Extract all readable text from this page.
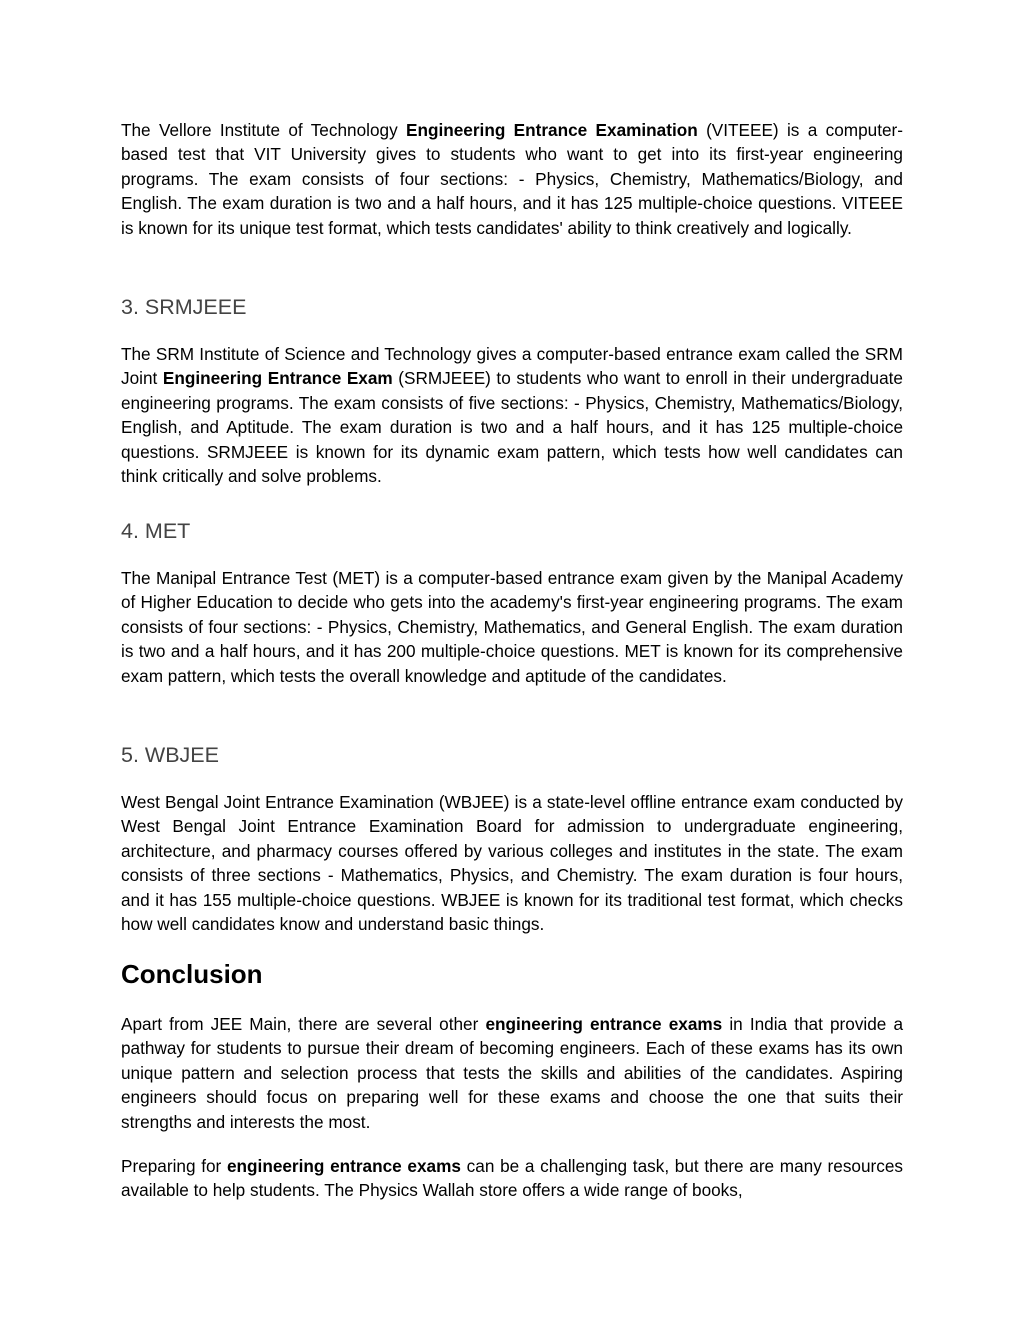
The Vellore Institute of Technology Engineering Entrance Examination (VITEEE) is a computer-based test that VIT University gives to students who want to get into its first-year engineering programs. The exam consists of four sections: - Physics, Chemistry, Mathematics/Biology, and English. The exam duration is two and a half hours, and it has 125 multiple-choice questions. VITEEE is known for its unique test format, which tests candidates' ability to think creatively and logically.

3. SRMJEEE

The SRM Institute of Science and Technology gives a computer-based entrance exam called the SRM Joint Engineering Entrance Exam (SRMJEEE) to students who want to enroll in their undergraduate engineering programs. The exam consists of five sections: - Physics, Chemistry, Mathematics/Biology, English, and Aptitude. The exam duration is two and a half hours, and it has 125 multiple-choice questions. SRMJEEE is known for its dynamic exam pattern, which tests how well candidates can think critically and solve problems.

4. MET

The Manipal Entrance Test (MET) is a computer-based entrance exam given by the Manipal Academy of Higher Education to decide who gets into the academy's first-year engineering programs. The exam consists of four sections: - Physics, Chemistry, Mathematics, and General English. The exam duration is two and a half hours, and it has 200 multiple-choice questions. MET is known for its comprehensive exam pattern, which tests the overall knowledge and aptitude of the candidates.

5. WBJEE

West Bengal Joint Entrance Examination (WBJEE) is a state-level offline entrance exam conducted by West Bengal Joint Entrance Examination Board for admission to undergraduate engineering, architecture, and pharmacy courses offered by various colleges and institutes in the state. The exam consists of three sections - Mathematics, Physics, and Chemistry. The exam duration is four hours, and it has 155 multiple-choice questions. WBJEE is known for its traditional test format, which checks how well candidates know and understand basic things.

Conclusion

Apart from JEE Main, there are several other engineering entrance exams in India that provide a pathway for students to pursue their dream of becoming engineers. Each of these exams has its own unique pattern and selection process that tests the skills and abilities of the candidates. Aspiring engineers should focus on preparing well for these exams and choose the one that suits their strengths and interests the most.

Preparing for engineering entrance exams can be a challenging task, but there are many resources available to help students. The Physics Wallah store offers a wide range of books,
